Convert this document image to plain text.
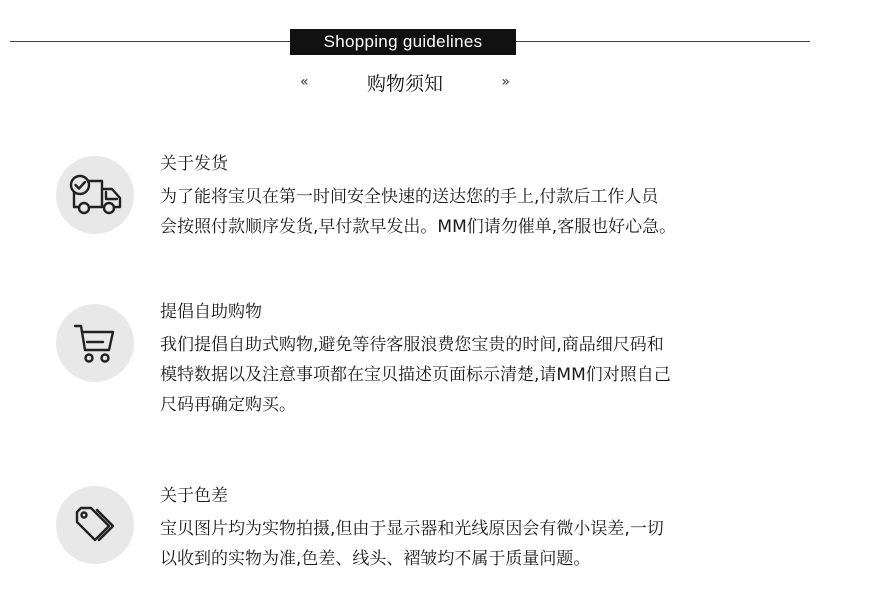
Shopping guidelines
«	购物须知	»

关于发货

为了能将宝贝在第一时间安全快速的送达您的手上,付款后工作人员
会按照付款顺序发货,早付款早发出。MM们请勿催单,客服也好心急。

提倡自助购物

我们提倡自助式购物,避免等待客服浪费您宝贵的时间,商品细尺码和
模特数据以及注意事项都在宝贝描述页面标示清楚,请MM们对照自己
尺码再确定购买。

关于色差

宝贝图片均为实物拍摄,但由于显示器和光线原因会有微小误差,一切
以收到的实物为准,色差、线头、褶皱均不属于质量问题。
